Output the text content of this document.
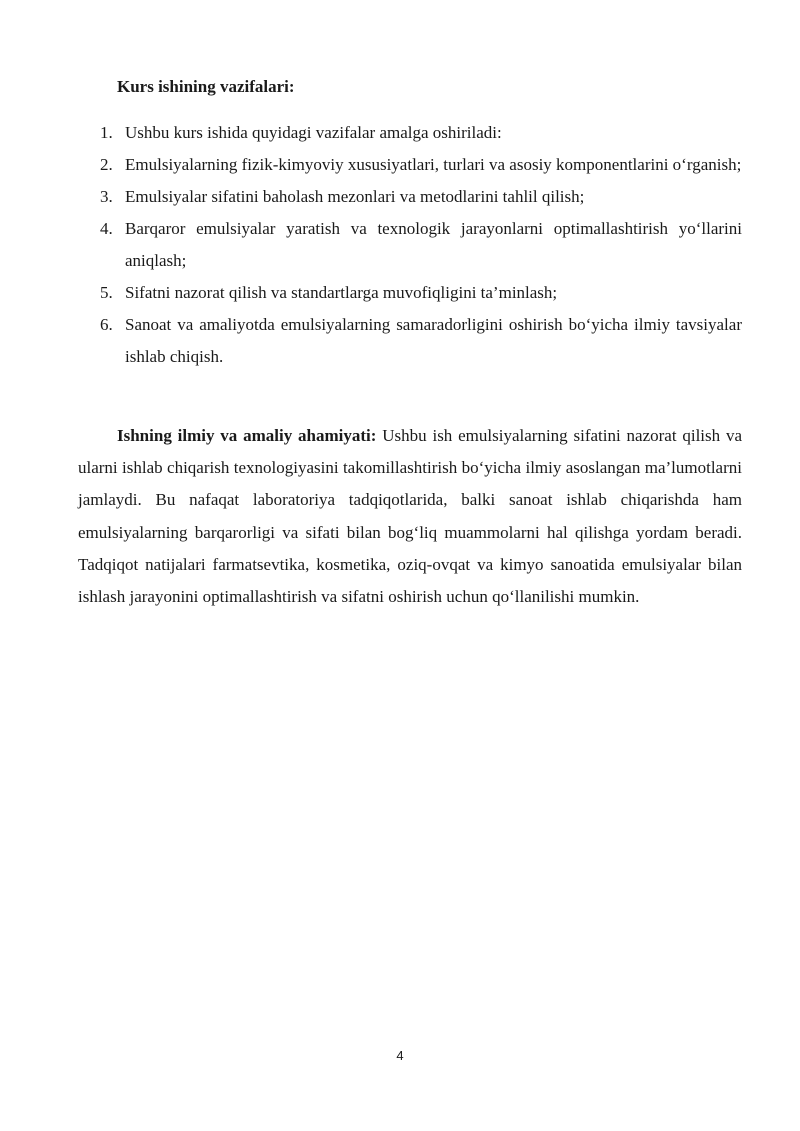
Kurs ishining vazifalari:

1. Ushbu kurs ishida quyidagi vazifalar amalga oshiriladi:
2. Emulsiyalarning fizik-kimyoviy xususiyatlari, turlari va asosiy komponentlarini o‘rganish;
3. Emulsiyalar sifatini baholash mezonlari va metodlarini tahlil qilish;
4. Barqaror emulsiyalar yaratish va texnologik jarayonlarni optimallashtirish yo‘llarini aniqlash;
5. Sifatni nazorat qilish va standartlarga muvofiqligini ta’minlash;
6. Sanoat va amaliyotda emulsiyalarning samaradorligini oshirish bo‘yicha ilmiy tavsiyalar ishlab chiqish.

Ishning ilmiy va amaliy ahamiyati: Ushbu ish emulsiyalarning sifatini nazorat qilish va ularni ishlab chiqarish texnologiyasini takomillashtirish bo‘yicha ilmiy asoslangan ma’lumotlarni jamlaydi. Bu nafaqat laboratoriya tadqiqotlarida, balki sanoat ishlab chiqarishda ham emulsiyalarning barqarorligi va sifati bilan bog‘liq muammolarni hal qilishga yordam beradi. Tadqiqot natijalari farmatsevtika, kosmetika, oziq-ovqat va kimyo sanoatida emulsiyalar bilan ishlash jarayonini optimallashtirish va sifatni oshirish uchun qo‘llanilishi mumkin.

4
